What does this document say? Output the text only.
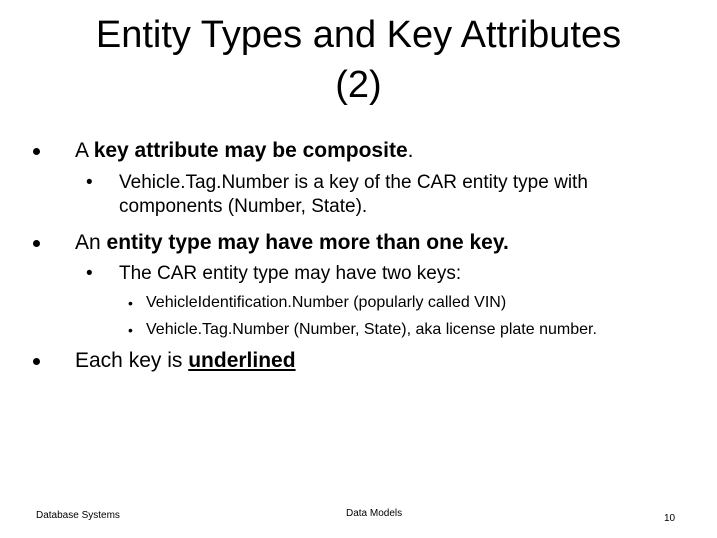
Entity Types and Key Attributes
(2)
A key attribute may be composite.
• Vehicle.Tag.Number is a key of the CAR entity type with
components (Number, State).
An entity type may have more than one key.
• The CAR entity type may have two keys:
• VehicleIdentification.Number (popularly called VIN)
• Vehicle.Tag.Number (Number, State), aka license plate number.
Each key is underlined
Database Systems	Data Models	10
